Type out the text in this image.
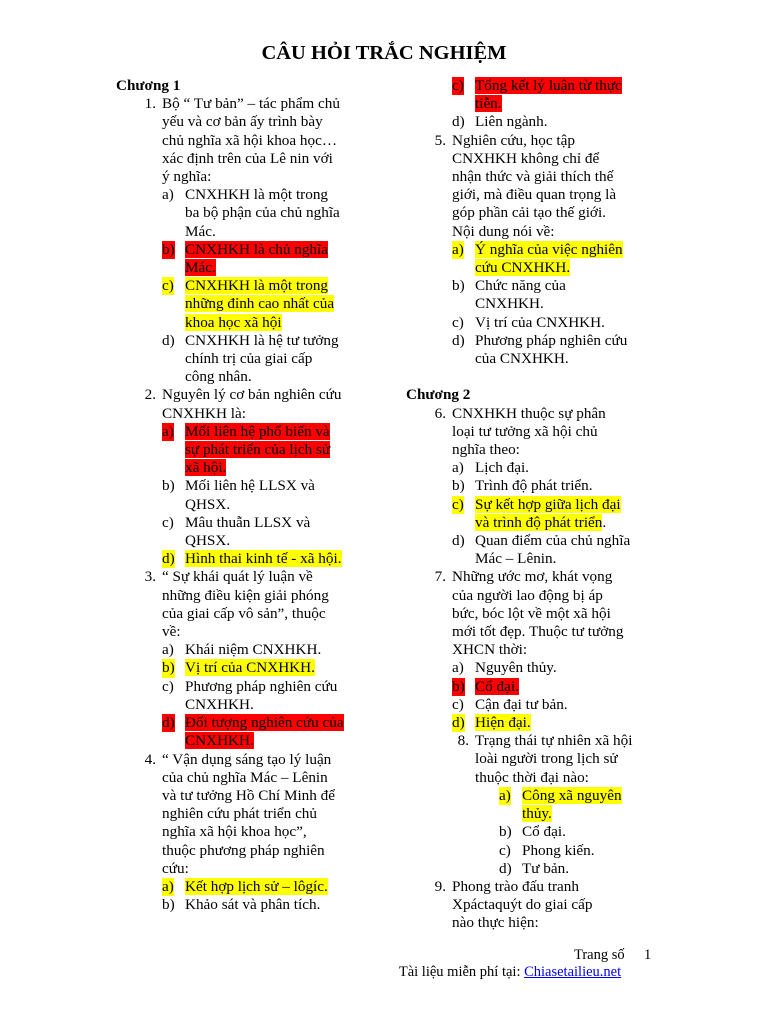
CÂU HỎI TRẮC NGHIỆM
Chương 1
1. Bộ “ Tư bản” – tác phẩm chủ
yếu và cơ bản ấy trình bày
chủ nghĩa xã hội khoa học…
xác định trên của Lê nin với
ý nghĩa:
a) CNXHKH là một trong
ba bộ phận của chủ nghĩa
Mác.
b) CNXHKH là chủ nghĩa
Mác.
c) CNXHKH là một trong
những đỉnh cao nhất của
khoa học xã hội
d) CNXHKH là hệ tư tưởng
chính trị của giai cấp
công nhân.
2. Nguyên lý cơ bản nghiên cứu
CNXHKH là:
a) Mối liên hệ phổ biến và
sự phát triển của lịch sử
xã hội.
b) Mối liên hệ LLSX và
QHSX.
c) Mâu thuẫn LLSX và
QHSX.
d) Hình thai kinh tế - xã hội.
3. “ Sự khái quát lý luận về
những điều kiện giải phóng
của giai cấp vô sản”, thuộc
về:
a) Khái niệm CNXHKH.
b) Vị trí của CNXHKH.
c) Phương pháp nghiên cứu
CNXHKH.
d) Đối tượng nghiên cứu của
CNXHKH.
4. “ Vận dụng sáng tạo lý luận
của chủ nghĩa Mác – Lênin
và tư tưởng Hồ Chí Minh để
nghiên cứu phát triển chủ
nghĩa xã hội khoa học”,
thuộc phương pháp nghiên
cứu:
a) Kết hợp lịch sử – lôgíc.
b) Khảo sát và phân tích.
c) Tổng kết lý luận từ thực
tiễn.
d) Liên ngành.
5. Nghiên cứu, học tập
CNXHKH không chỉ để
nhận thức và giải thích thế
giới, mà điều quan trọng là
góp phần cải tạo thế giới.
Nội dung nói về:
a) Ý nghĩa của việc nghiên
cứu CNXHKH.
b) Chức năng của
CNXHKH.
c) Vị trí của CNXHKH.
d) Phương pháp nghiên cứu
của CNXHKH.
Chương 2
6. CNXHKH thuộc sự phân
loại tư tưởng xã hội chủ
nghĩa theo:
a) Lịch đại.
b) Trình độ phát triển.
c) Sự kết hợp giữa lịch đại
và trình độ phát triển.
d) Quan điểm của chủ nghĩa
Mác – Lênin.
7. Những ước mơ, khát vọng
của người lao động bị áp
bức, bóc lột về một xã hội
mới tốt đẹp. Thuộc tư tưởng
XHCN thời:
a) Nguyên thủy.
b) Cổ đại.
c) Cận đại tư bản.
d) Hiện đại.
8. Trạng thái tự nhiên xã hội
loài người trong lịch sử
thuộc thời đại nào:
a) Công xã nguyên
thủy.
b) Cổ đại.
c) Phong kiến.
d) Tư bản.
9. Phong trào đấu tranh
Xpáctaquýt do giai cấp
nào thực hiện:
Trang số 1
Tài liệu miễn phí tại: Chiasetailieu.net
